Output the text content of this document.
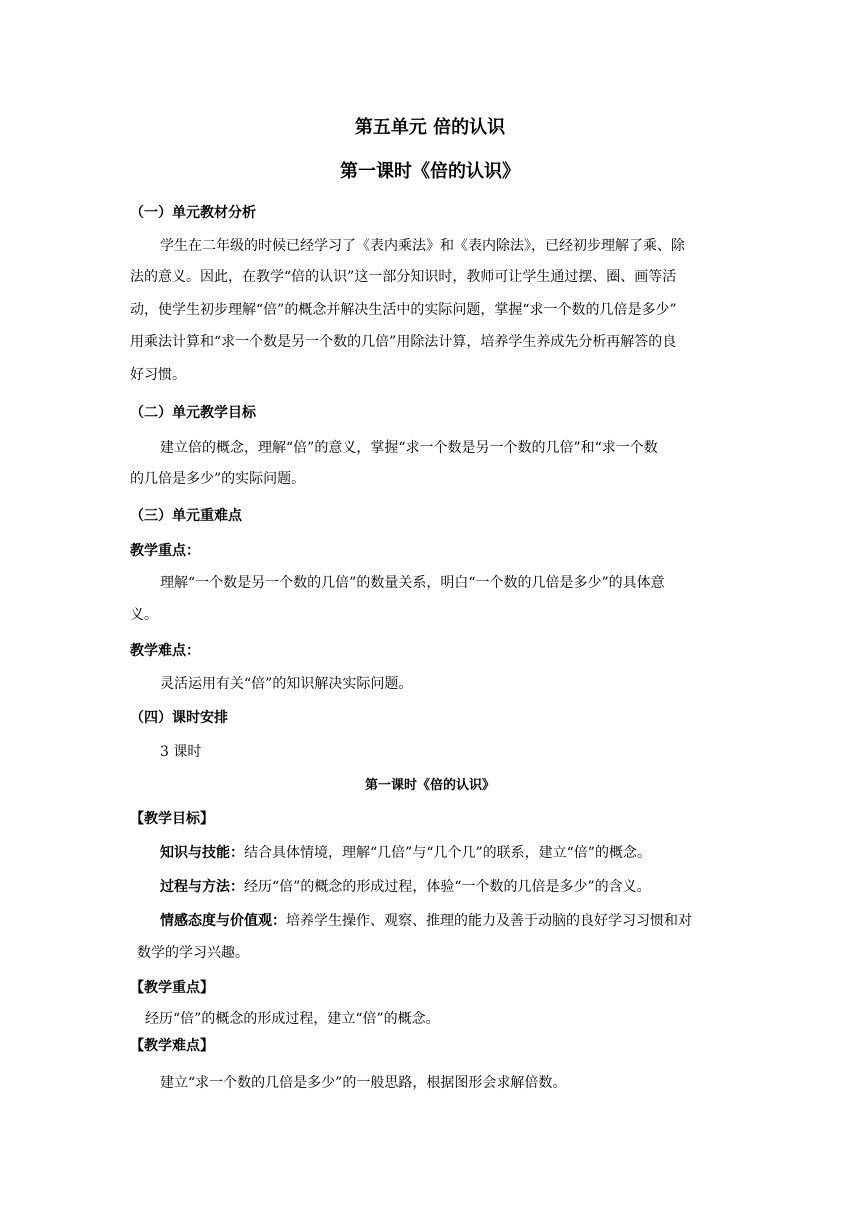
第五单元 倍的认识
第一课时《倍的认识》
（一）单元教材分析
学生在二年级的时候已经学习了《表内乘法》和《表内除法》，已经初步理解了乘、除
法的意义。因此，在教学“倍的认识”这一部分知识时，教师可让学生通过摆、圈、画等活
动，使学生初步理解“倍”的概念并解决生活中的实际问题，掌握“求一个数的几倍是多少”
用乘法计算和“求一个数是另一个数的几倍”用除法计算，培养学生养成先分析再解答的良
好习惯。
（二）单元教学目标
建立倍的概念，理解“倍”的意义，掌握“求一个数是另一个数的几倍”和“求一个数
的几倍是多少”的实际问题。
（三）单元重难点
教学重点：
理解“一个数是另一个数的几倍”的数量关系，明白“一个数的几倍是多少”的具体意
义。
教学难点：
灵活运用有关“倍”的知识解决实际问题。
（四）课时安排
3 课时
第一课时《倍的认识》
【教学目标】
知识与技能：结合具体情境，理解“几倍”与“几个几”的联系，建立“倍”的概念。
过程与方法：经历“倍”的概念的形成过程，体验“一个数的几倍是多少”的含义。
情感态度与价值观：培养学生操作、观察、推理的能力及善于动脑的良好学习习惯和对
数学的学习兴趣。
【教学重点】
经历“倍”的概念的形成过程，建立“倍”的概念。
【教学难点】
建立“求一个数的几倍是多少”的一般思路，根据图形会求解倍数。
